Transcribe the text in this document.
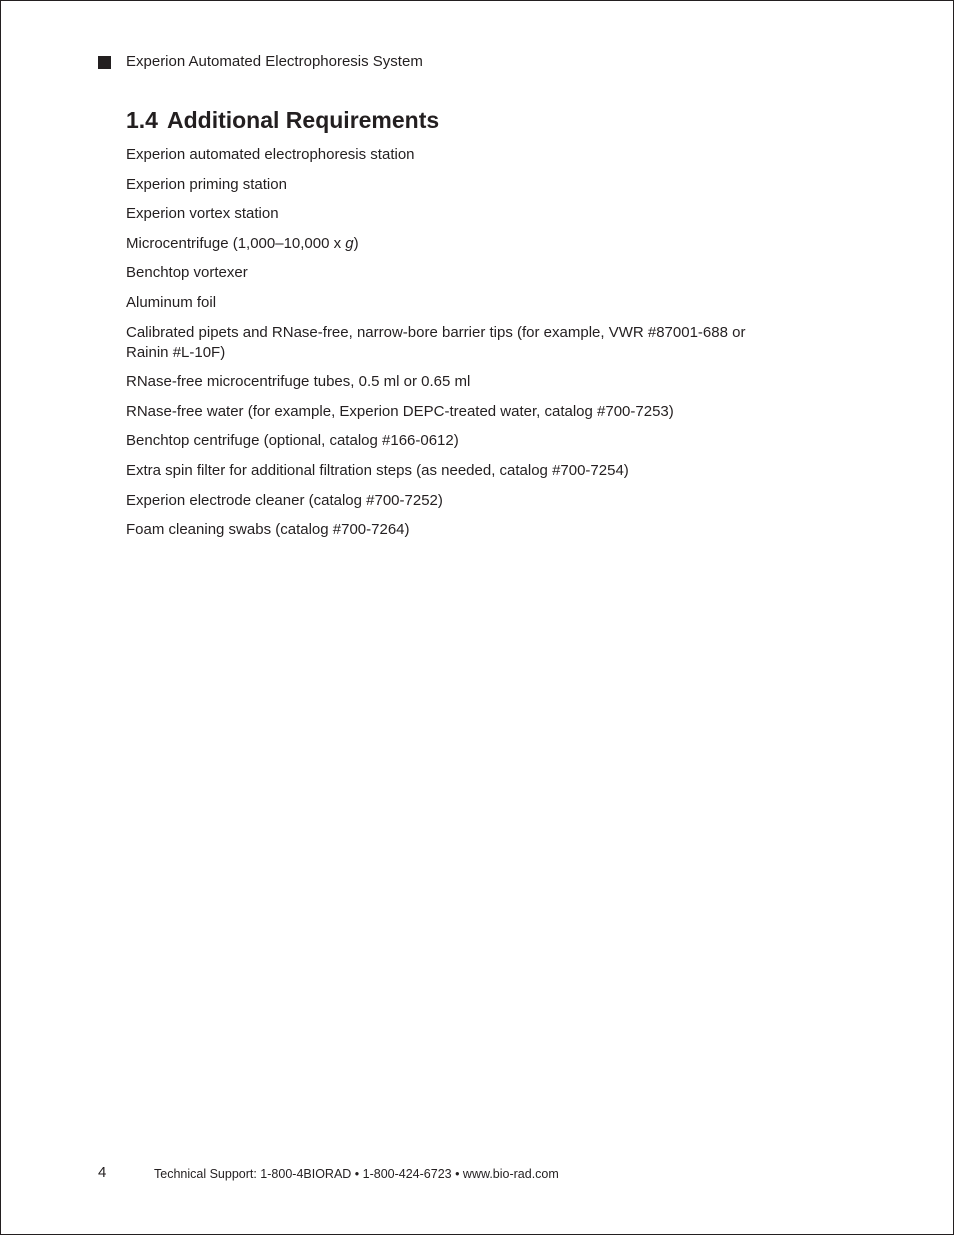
Experion Automated Electrophoresis System
1.4 Additional Requirements
Experion automated electrophoresis station
Experion priming station
Experion vortex station
Microcentrifuge (1,000–10,000 x g)
Benchtop vortexer
Aluminum foil
Calibrated pipets and RNase-free, narrow-bore barrier tips (for example, VWR #87001-688 or Rainin #L-10F)
RNase-free microcentrifuge tubes, 0.5 ml or 0.65 ml
RNase-free water (for example, Experion DEPC-treated water, catalog #700-7253)
Benchtop centrifuge (optional, catalog #166-0612)
Extra spin filter for additional filtration steps (as needed, catalog #700-7254)
Experion electrode cleaner (catalog #700-7252)
Foam cleaning swabs (catalog #700-7264)
4	Technical Support: 1-800-4BIORAD • 1-800-424-6723 • www.bio-rad.com
